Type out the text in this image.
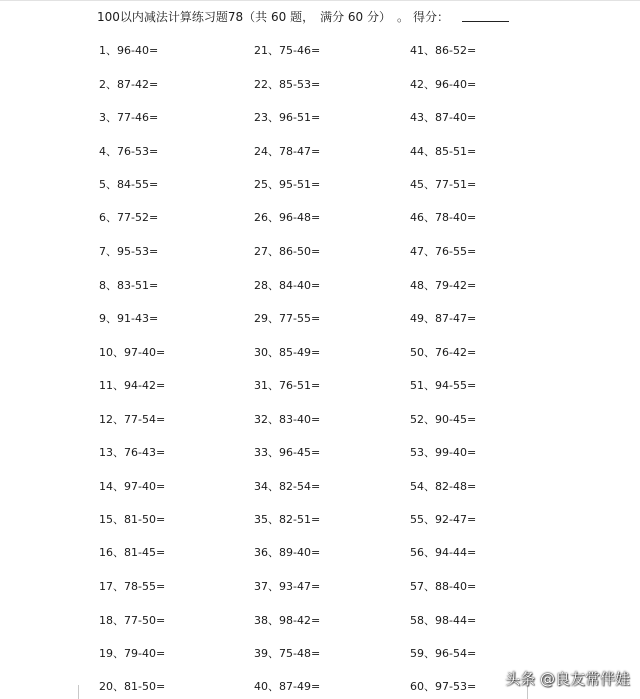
100以内减法计算练习题78（共 60 题，　满分 60 分）　。 得分：
1、96-40=
2、87-42=
3、77-46=
4、76-53=
5、84-55=
6、77-52=
7、95-53=
8、83-51=
9、91-43=
10、97-40=
11、94-42=
12、77-54=
13、76-43=
14、97-40=
15、81-50=
16、81-45=
17、78-55=
18、77-50=
19、79-40=
20、81-50=
21、75-46=
22、85-53=
23、96-51=
24、78-47=
25、95-51=
26、96-48=
27、86-50=
28、84-40=
29、77-55=
30、85-49=
31、76-51=
32、83-40=
33、96-45=
34、82-54=
35、82-51=
36、89-40=
37、93-47=
38、98-42=
39、75-48=
40、87-49=
41、86-52=
42、96-40=
43、87-40=
44、85-51=
45、77-51=
46、78-40=
47、76-55=
48、79-42=
49、87-47=
50、76-42=
51、94-55=
52、90-45=
53、99-40=
54、82-48=
55、92-47=
56、94-44=
57、88-40=
58、98-44=
59、96-54=
60、97-53= 头条 @良友常伴娃
